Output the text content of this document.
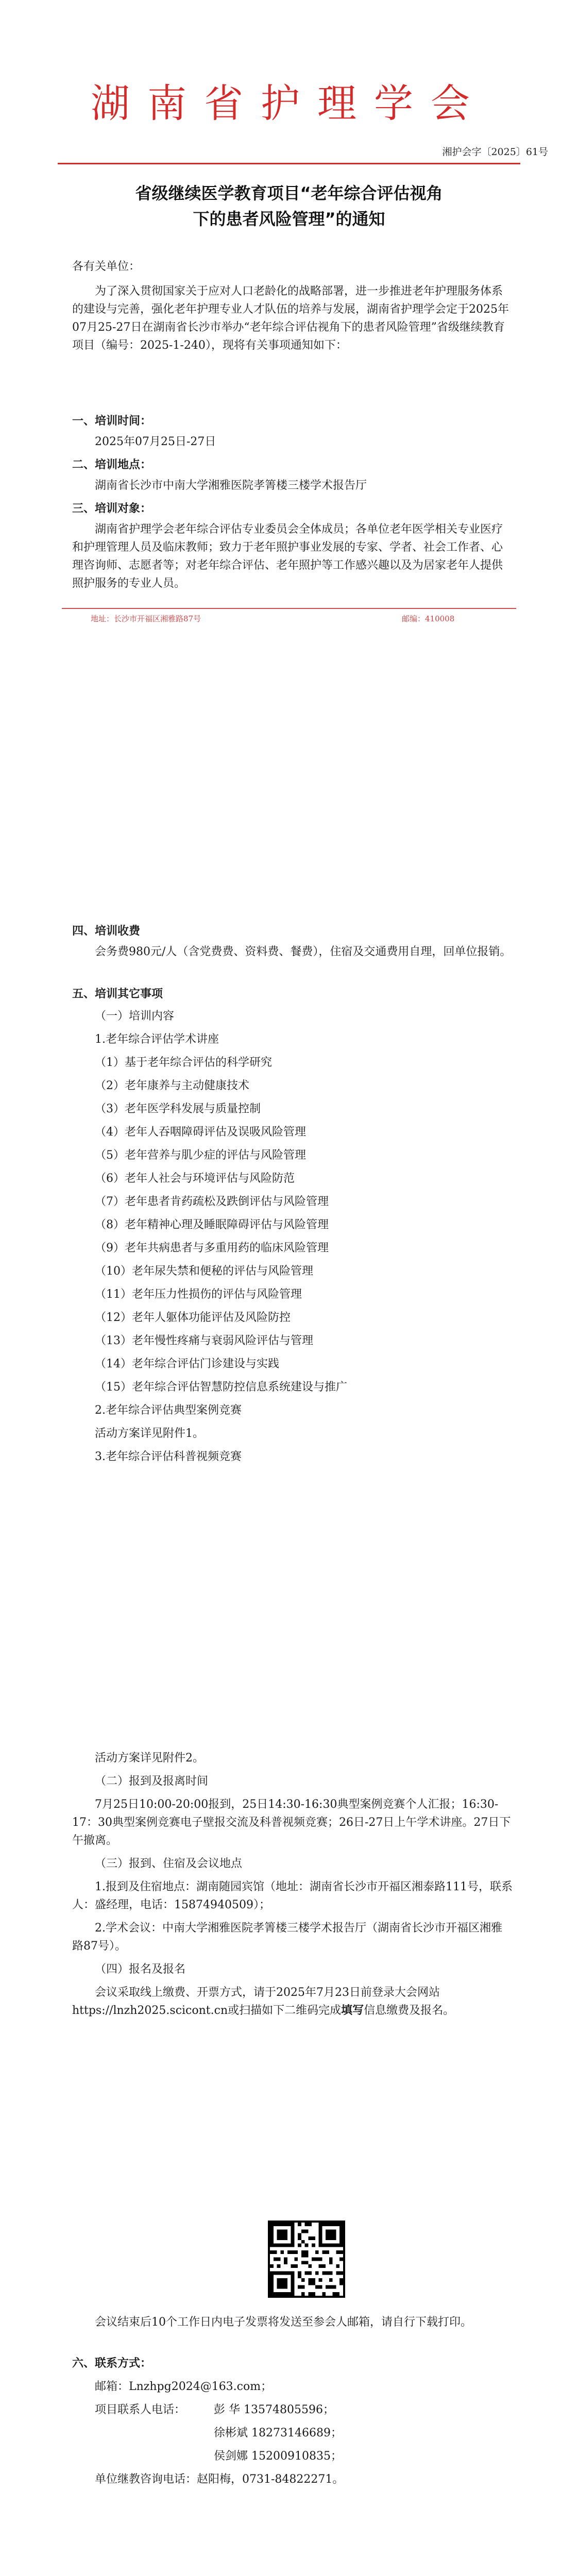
湖南省护理学会
湘护会字〔2025〕61号
省级继续医学教育项目“老年综合评估视角
下的患者风险管理”的通知
各有关单位：
为了深入贯彻国家关于应对人口老龄化的战略部署，进一步推进老年护理服务体系的建设与完善，强化老年护理专业人才队伍的培养与发展，湖南省护理学会定于2025年07月25-27日在湖南省长沙市举办“老年综合评估视角下的患者风险管理”省级继续教育项目（编号：2025-1-240），现将有关事项通知如下：
一、培训时间：
2025年07月25日-27日
二、培训地点：
湖南省长沙市中南大学湘雅医院孝箐楼三楼学术报告厅
三、培训对象：
湖南省护理学会老年综合评估专业委员会全体成员；各单位老年医学相关专业医疗和护理管理人员及临床教师；致力于老年照护事业发展的专家、学者、社会工作者、心理咨询师、志愿者等；对老年综合评估、老年照护等工作感兴趣以及为居家老年人提供照护服务的专业人员。
地址：长沙市开福区湘雅路87号	邮编：410008
四、培训收费
会务费980元/人（含党费费、资料费、餐费），住宿及交通费用自理，回单位报销。
五、培训其它事项
（一）培训内容
1.老年综合评估学术讲座
（1）基于老年综合评估的科学研究
（2）老年康养与主动健康技术
（3）老年医学科发展与质量控制
（4）老年人吞咽障碍评估及误吸风险管理
（5）老年营养与肌少症的评估与风险管理
（6）老年人社会与环境评估与风险防范
（7）老年患者肯药疏松及跌倒评估与风险管理
（8）老年精神心理及睡眠障碍评估与风险管理
（9）老年共病患者与多重用药的临床风险管理
（10）老年尿失禁和便秘的评估与风险管理
（11）老年压力性损伤的评估与风险管理
（12）老年人躯体功能评估及风险防控
（13）老年慢性疼痛与衰弱风险评估与管理
（14）老年综合评估门诊建设与实践
（15）老年综合评估智慧防控信息系统建设与推广
2.老年综合评估典型案例竞赛
活动方案详见附件1。
3.老年综合评估科普视频竞赛
活动方案详见附件2。
（二）报到及报离时间
7月25日10:00-20:00报到，25日14:30-16:30典型案例竞赛个人汇报；16:30-17：30典型案例竞赛电子壁报交流及科普视频竞赛；26日-27日上午学术讲座。27日下午撤离。
（三）报到、住宿及会议地点
1.报到及住宿地点：湖南随园宾馆（地址：湖南省长沙市开福区湘泰路111号，联系人：盛经理，电话：15874940509）；
2.学术会议：中南大学湘雅医院孝箐楼三楼学术报告厅（湖南省长沙市开福区湘雅路87号）。
（四）报名及报名
会议采取线上缴费、开票方式，请于2025年7月23日前登录大会网站https://lnzh2025.scicont.cn或扫描如下二维码完成填写信息缴费及报名。
会议结束后10个工作日内电子发票将发送至参会人邮箱，请自行下载打印。
六、联系方式：
邮箱：Lnzhpg2024@163.com；
项目联系人电话：	彭 华 13574805596；
徐彬斌 18273146689；
侯剑娜 15200910835；
单位继教咨询电话：赵阳梅，0731-84822271。
